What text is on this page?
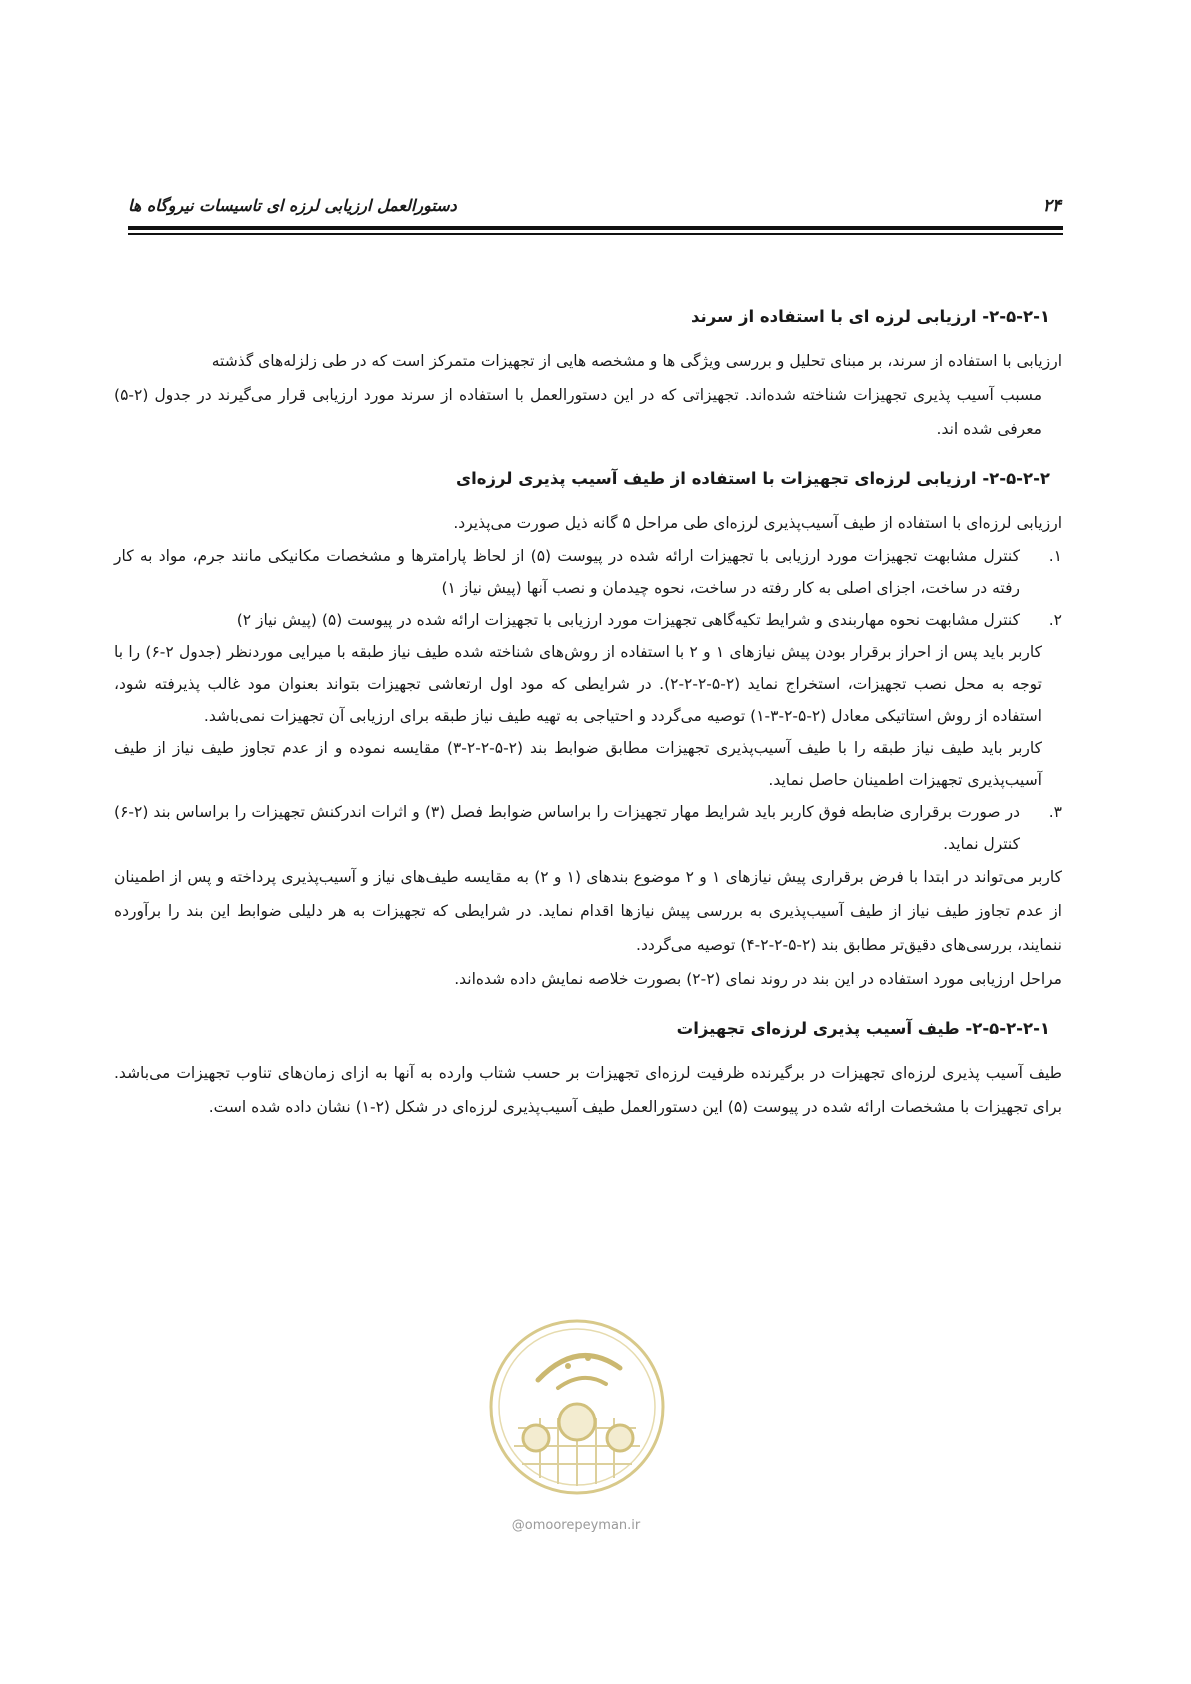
۲۴
دستورالعمل ارزیابی لرزه ای تاسیسات نیروگاه ها
۲-۵-۲-۱- ارزیابی لرزه ای با استفاده از سرند
ارزیابی با استفاده از سرند، بر مبنای تحلیل و بررسی ویژگی ها و مشخصه هایی از تجهیزات متمرکز است که در طی زلزله‌های گذشته
مسبب آسیب پذیری تجهیزات شناخته شده‌اند. تجهیزاتی که در این دستورالعمل با استفاده از سرند مورد ارزیابی قرار می‌گیرند در جدول (۲-۵) معرفی شده اند.
۲-۵-۲-۲- ارزیابی لرزه‌ای تجهیزات با استفاده از طیف آسیب پذیری لرزه‌ای

ارزیابی لرزه‌ای با استفاده از طیف آسیب‌پذیری لرزه‌ای طی مراحل ۵ گانه ذیل صورت می‌پذیرد.

۱.
کنترل مشابهت تجهیزات مورد ارزیابی با تجهیزات ارائه شده در پیوست (۵) از لحاظ پارامترها و مشخصات مکانیکی مانند جرم، مواد به کار رفته در ساخت، اجزای اصلی به کار رفته در ساخت، نحوه چیدمان و نصب آنها (پیش نیاز ۱)
۲.
کنترل مشابهت نحوه مهاربندی و شرایط تکیه‌گاهی تجهیزات مورد ارزیابی با تجهیزات ارائه شده در پیوست (۵) (پیش نیاز ۲)

کاربر باید پس از احراز برقرار بودن پیش نیازهای ۱ و ۲ با استفاده از روش‌های شناخته شده طیف نیاز طبقه با میرایی موردنظر (جدول ۲-۶) را با توجه به محل نصب تجهیزات، استخراج نماید (۲-۵-۲-۲-۲). در شرایطی که مود اول ارتعاشی تجهیزات بتواند بعنوان مود غالب پذیرفته شود، استفاده از روش استاتیکی معادل (۲-۵-۲-۳-۱) توصیه می‌گردد و احتیاجی به تهیه طیف نیاز طبقه برای ارزیابی آن تجهیزات نمی‌باشد.

کاربر باید طیف نیاز طبقه را با طیف آسیب‌پذیری تجهیزات مطابق ضوابط بند (۲-۵-۲-۲-۳) مقایسه نموده و از عدم تجاوز طیف نیاز از طیف آسیب‌پذیری تجهیزات اطمینان حاصل نماید.

۳.
در صورت برقراری ضابطه فوق کاربر باید شرایط مهار تجهیزات را براساس ضوابط فصل (۳) و اثرات اندرکنش تجهیزات را براساس بند (۲-۶) کنترل نماید.

کاربر می‌تواند در ابتدا با فرض برقراری پیش نیازهای ۱ و ۲ موضوع بندهای (۱ و ۲) به مقایسه طیف‌های نیاز و آسیب‌پذیری پرداخته و پس از اطمینان از عدم تجاوز طیف نیاز از طیف آسیب‌پذیری به بررسی پیش نیازها اقدام نماید. در شرایطی که تجهیزات به هر دلیلی ضوابط این بند را برآورده ننمایند، بررسی‌های دقیق‌تر مطابق بند (۲-۵-۲-۲-۴) توصیه می‌گردد.

مراحل ارزیابی مورد استفاده در این بند در روند نمای (۲-۲) بصورت خلاصه نمایش داده شده‌اند.

۲-۵-۲-۲-۱- طیف آسیب پذیری لرزه‌ای تجهیزات

طیف آسیب پذیری لرزه‌ای تجهیزات در برگیرنده ظرفیت لرزه‌ای تجهیزات بر حسب شتاب وارده به آنها به ازای زمان‌های تناوب تجهیزات می‌باشد. برای تجهیزات با مشخصات ارائه شده در پیوست (۵) این دستورالعمل طیف آسیب‌پذیری لرزه‌ای در شکل (۲-۱) نشان داده شده است.

@omoorepeyman.ir
